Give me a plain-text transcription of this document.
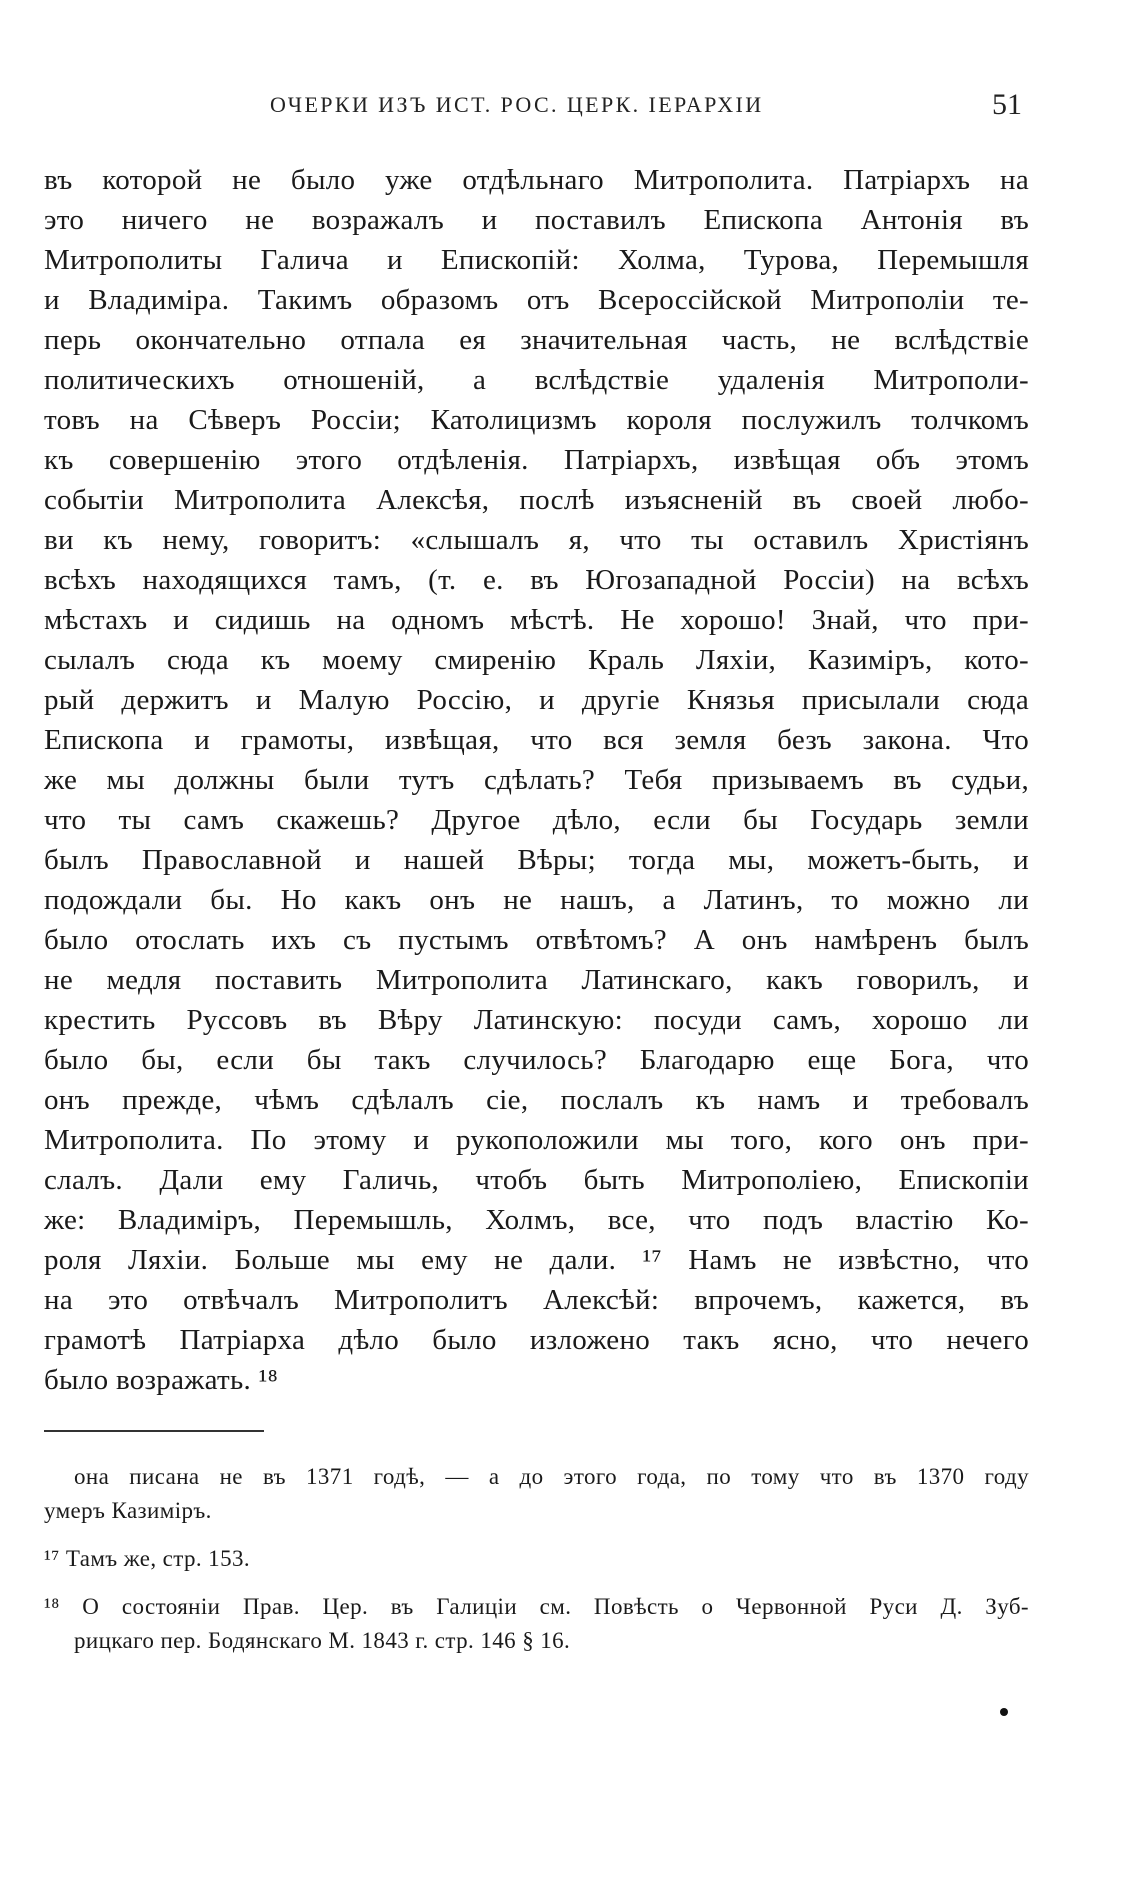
ОЧЕРКИ ИЗЪ ИСТ. РОС. ЦЕРК. ІЕРАРХІИ	51
въ которой не было уже отдѣльнаго Митрополита. Патріархъ на
это ничего не возражалъ и поставилъ Епископа Антонія въ
Митрополиты Галича и Епископій: Холма, Турова, Перемышля
и Владиміра. Такимъ образомъ отъ Всероссійской Митрополіи те-
перь окончательно отпала ея значительная часть, не вслѣдствіе
политическихъ отношеній, а вслѣдствіе удаленія Митрополи-
товъ на Сѣверъ Россіи; Католицизмъ короля послужилъ толчкомъ
къ совершенію этого отдѣленія. Патріархъ, извѣщая объ этомъ
событіи Митрополита Алексѣя, послѣ изъясненій въ своей любо-
ви къ нему, говоритъ: «слышалъ я, что ты оставилъ Христіянъ
всѣхъ находящихся тамъ, (т. е. въ Югозападной Россіи) на всѣхъ
мѣстахъ и сидишь на одномъ мѣстѣ. Не хорошо! Знай, что при-
сылалъ сюда къ моему смиренію Краль Ляхіи, Казиміръ, кото-
рый держитъ и Малую Россію, и другіе Князья присылали сюда
Епископа и грамоты, извѣщая, что вся земля безъ закона. Что
же мы должны были тутъ сдѣлать? Тебя призываемъ въ судьи,
что ты самъ скажешь? Другое дѣло, если бы Государь земли
былъ Православной и нашей Вѣры; тогда мы, можетъ-быть, и
подождали бы. Но какъ онъ не нашъ, а Латинъ, то можно ли
было отослать ихъ съ пустымъ отвѣтомъ? А онъ намѣренъ былъ
не медля поставить Митрополита Латинскаго, какъ говорилъ, и
крестить Руссовъ въ Вѣру Латинскую: посуди самъ, хорошо ли
было бы, если бы такъ случилось? Благодарю еще Бога, что
онъ прежде, чѣмъ сдѣлалъ сіе, послалъ къ намъ и требовалъ
Митрополита. По этому и рукоположили мы того, кого онъ при-
слалъ. Дали ему Галичь, чтобъ быть Митрополіею, Епископіи
же: Владиміръ, Перемышль, Холмъ, все, что подъ властію Ко-
роля Ляхіи. Больше мы ему не дали. ¹⁷ Намъ не извѣстно, что
на это отвѣчалъ Митрополитъ Алексѣй: впрочемъ, кажется, въ
грамотѣ Патріарха дѣло было изложено такъ ясно, что нечего
было возражать. ¹⁸
она писана не въ 1371 годѣ, — а до этого года, по тому что въ 1370 году
умеръ Казиміръ.
¹⁷ Тамъ же, стр. 153.
¹⁸ О состояніи Прав. Цер. въ Галиціи см. Повѣсть о Червонной Руси Д. Зуб-
рицкаго пер. Бодянскаго М. 1843 г. стр. 146 § 16.
